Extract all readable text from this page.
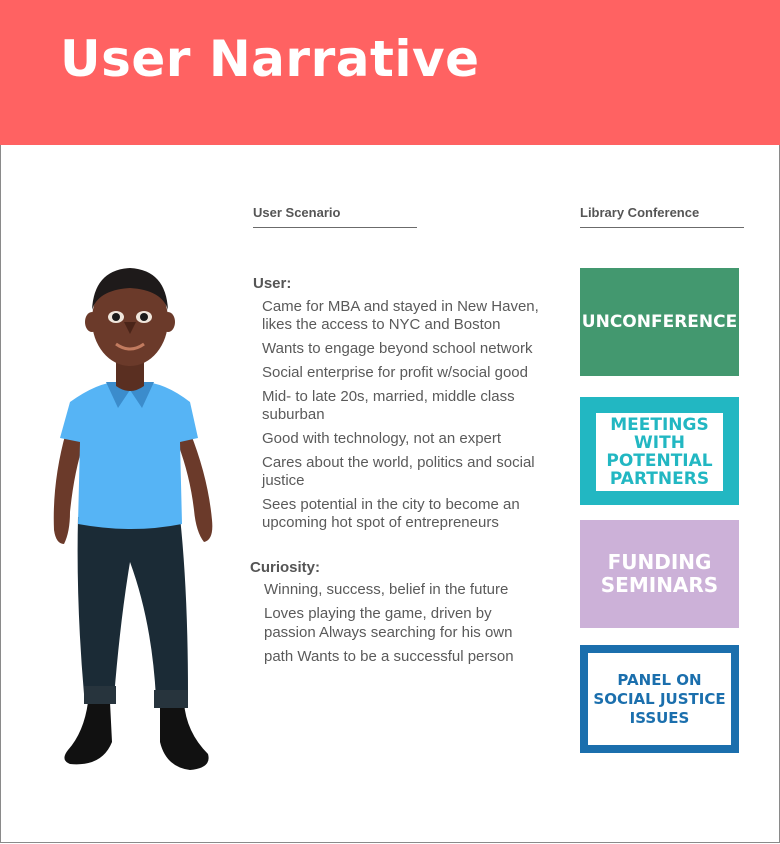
User Narrative
User Scenario	Library Conference
User:
Came for MBA and stayed in New Haven, likes the access to NYC and Boston
Wants to engage beyond school network
Social enterprise for profit w/social good
Mid- to late 20s, married, middle class suburban
Good with technology, not an expert
Cares about the world, politics and social justice
Sees potential in the city to become an upcoming hot spot of entrepreneurs
Curiosity:
Winning, success, belief in the future
Loves playing the game, driven by passion Always searching for his own
path Wants to be a successful person
UNCONFERENCE
MEETINGS
WITH
POTENTIAL
PARTNERS
FUNDING
SEMINARS
PANEL ON
SOCIAL JUSTICE
ISSUES
